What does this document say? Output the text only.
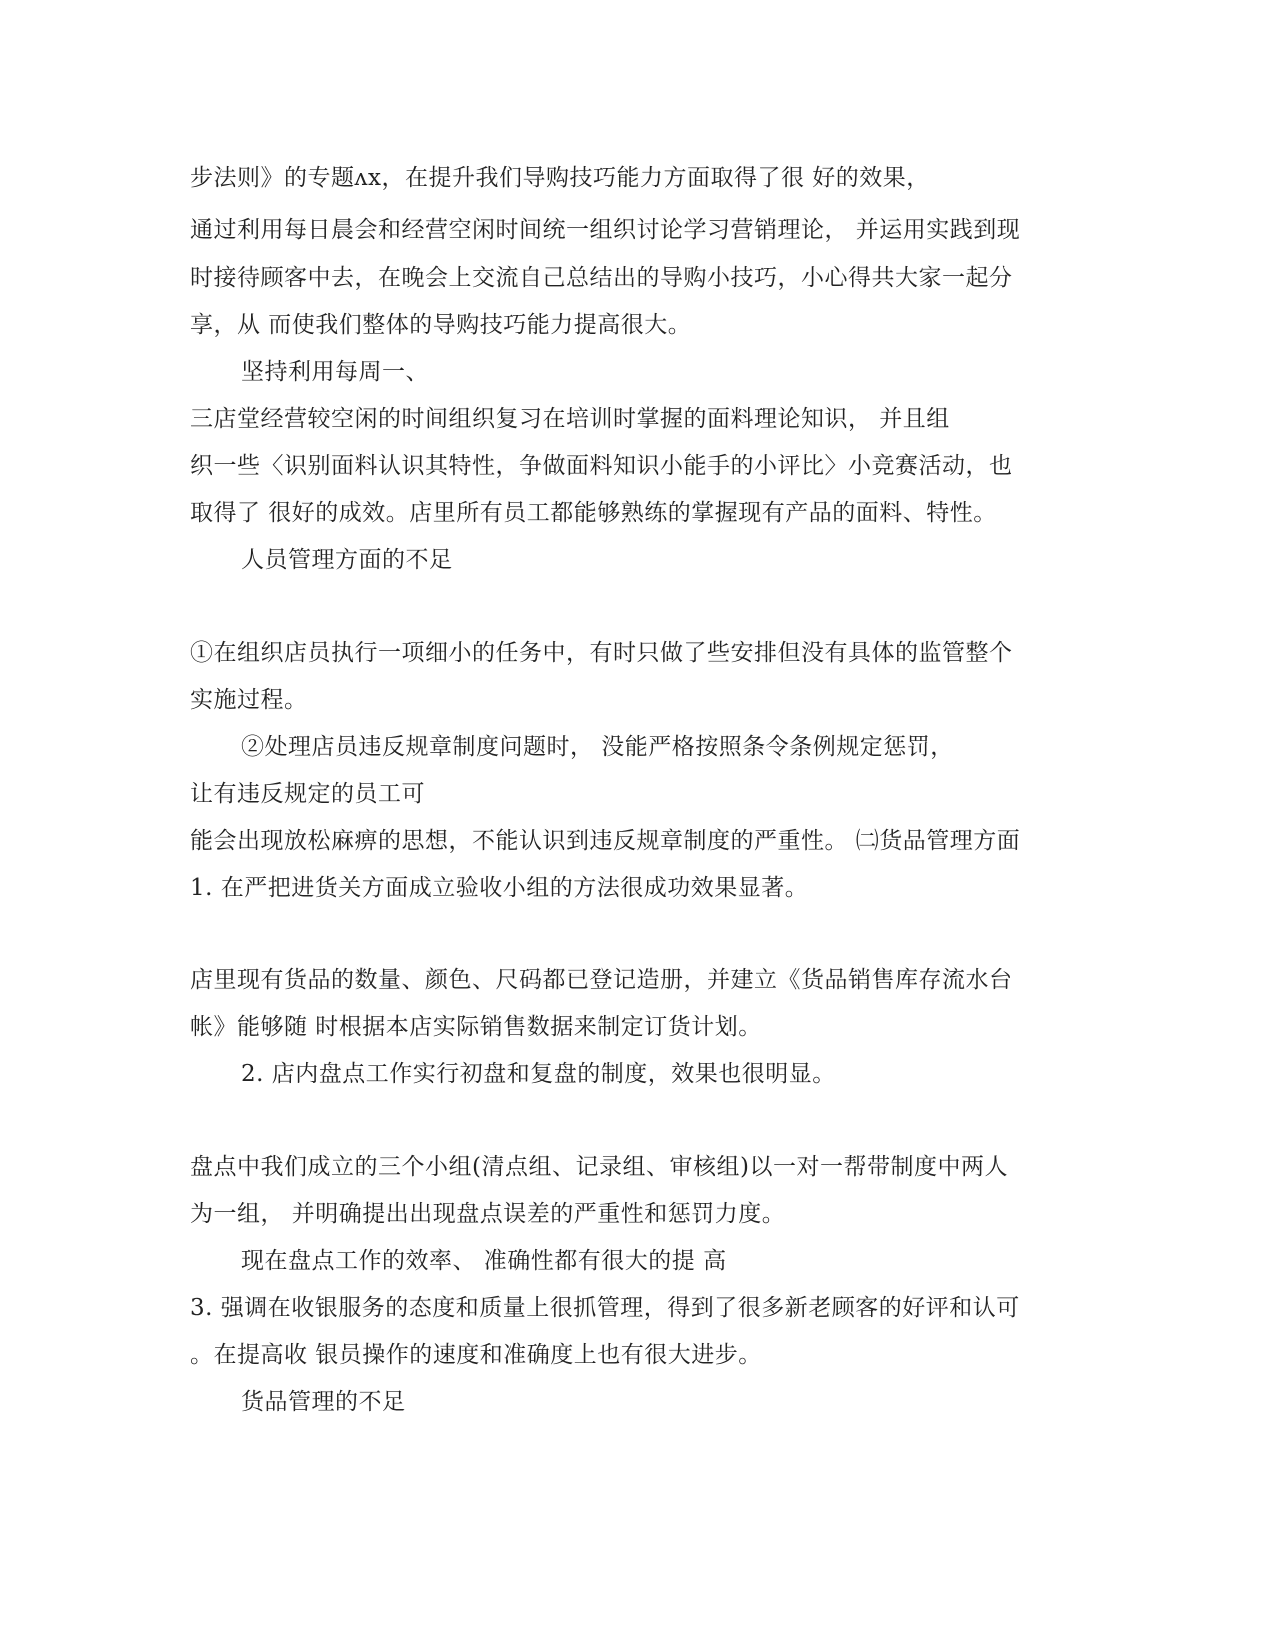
步法则》的专题ᴧx，在提升我们导购技巧能力方面取得了很 好的效果，
通过利用每日晨会和经营空闲时间统一组织讨论学习营销理论， 并运用实践到现
时接待顾客中去，在晚会上交流自己总结出的导购小技巧，小心得共大家一起分
享，从 而使我们整体的导购技巧能力提高很大。
坚持利用每周一、
三店堂经营较空闲的时间组织复习在培训时掌握的面料理论知识， 并且组
织一些〈识别面料认识其特性，争做面料知识小能手的小评比〉小竞赛活动，也
取得了 很好的成效。店里所有员工都能够熟练的掌握现有产品的面料、特性。
人员管理方面的不足
①在组织店员执行一项细小的任务中，有时只做了些安排但没有具体的监管整个
实施过程。
②处理店员违反规章制度问题时， 没能严格按照条令条例规定惩罚，
让有违反规定的员工可
能会出现放松麻痹的思想，不能认识到违反规章制度的严重性。 ㈡货品管理方面
1. 在严把进货关方面成立验收小组的方法很成功效果显著。
店里现有货品的数量、颜色、尺码都已登记造册，并建立《货品销售库存流水台
帐》能够随 时根据本店实际销售数据来制定订货计划。
2. 店内盘点工作实行初盘和复盘的制度，效果也很明显。
盘点中我们成立的三个小组(清点组、记录组、审核组)以一对一帮带制度中两人
为一组， 并明确提出出现盘点误差的严重性和惩罚力度。
现在盘点工作的效率、 准确性都有很大的提 高
3. 强调在收银服务的态度和质量上很抓管理，得到了很多新老顾客的好评和认可
。在提高收 银员操作的速度和准确度上也有很大进步。
货品管理的不足
